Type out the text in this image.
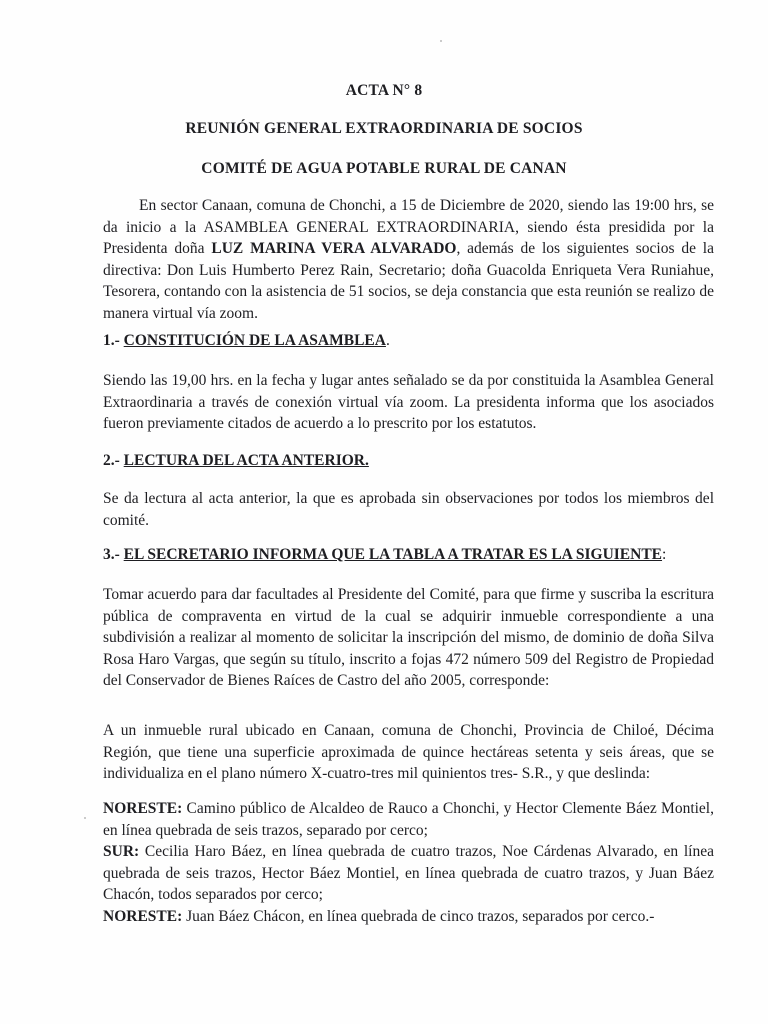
ACTA N° 8
REUNIÓN GENERAL EXTRAORDINARIA DE SOCIOS
COMITÉ DE AGUA POTABLE RURAL DE CANAN
En sector Canaan, comuna de Chonchi, a 15 de Diciembre de 2020, siendo las 19:00 hrs, se da inicio a la ASAMBLEA GENERAL EXTRAORDINARIA, siendo ésta presidida por la Presidenta doña LUZ MARINA VERA ALVARADO, además de los siguientes socios de la directiva: Don Luis Humberto Perez Rain, Secretario; doña Guacolda Enriqueta Vera Runiahue, Tesorera, contando con la asistencia de 51 socios, se deja constancia que esta reunión se realizo de manera virtual vía zoom.
1.- CONSTITUCIÓN DE LA ASAMBLEA.
Siendo las 19,00 hrs. en la fecha y lugar antes señalado se da por constituida la Asamblea General Extraordinaria a través de conexión virtual vía zoom. La presidenta informa que los asociados fueron previamente citados de acuerdo a lo prescrito por los estatutos.
2.- LECTURA DEL ACTA ANTERIOR.
Se da lectura al acta anterior, la que es aprobada sin observaciones por todos los miembros del comité.
3.- EL SECRETARIO INFORMA QUE LA TABLA A TRATAR ES LA SIGUIENTE:
Tomar acuerdo para dar facultades al Presidente del Comité, para que firme y suscriba la escritura pública de compraventa en virtud de la cual se adquirir inmueble correspondiente a una subdivisión a realizar al momento de solicitar la inscripción del mismo, de dominio de doña Silva Rosa Haro Vargas, que según su título, inscrito a fojas 472 número 509 del Registro de Propiedad del Conservador de Bienes Raíces de Castro del año 2005, corresponde:
A un inmueble rural ubicado en Canaan, comuna de Chonchi, Provincia de Chiloé, Décima Región, que tiene una superficie aproximada de quince hectáreas setenta y seis áreas, que se individualiza en el plano número X-cuatro-tres mil quinientos tres- S.R., y que deslinda:
NORESTE: Camino público de Alcaldeo de Rauco a Chonchi, y Hector Clemente Báez Montiel, en línea quebrada de seis trazos, separado por cerco;
SUR: Cecilia Haro Báez, en línea quebrada de cuatro trazos, Noe Cárdenas Alvarado, en línea quebrada de seis trazos, Hector Báez Montiel, en línea quebrada de cuatro trazos, y Juan Báez Chacón, todos separados por cerco;
NORESTE: Juan Báez Chácon, en línea quebrada de cinco trazos, separados por cerco.-
